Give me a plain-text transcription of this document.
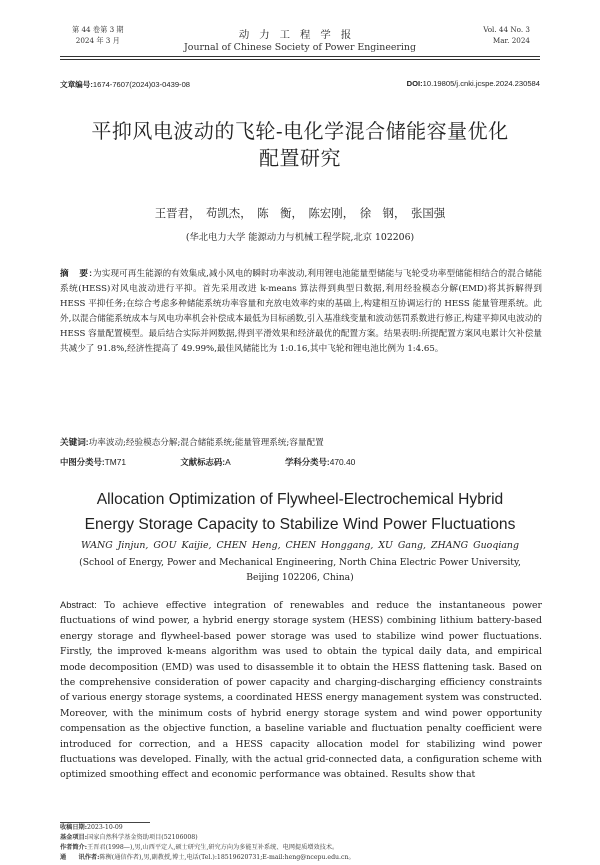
第 44 卷第 3 期
2024 年 3 月	动力工程学报
Journal of Chinese Society of Power Engineering
Vol. 44 No. 3
Mar. 2024
文章编号:1674-7607(2024)03-0439-08	DOI:10.19805/j.cnki.jcspe.2024.230584
平抑风电波动的飞轮-电化学混合储能容量优化
配置研究
王晋君，　苟凯杰，　陈　衡，　陈宏刚，　徐　钢，　张国强
(华北电力大学 能源动力与机械工程学院,北京 102206)
摘　要:为实现可再生能源的有效集成,减小风电的瞬时功率波动,利用锂电池能量型储能与飞轮受功率型储能相结合的混合储能系统(HESS)对风电波动进行平抑。首先采用改进 k-means 算法得到典型日数据,利用经验模态分解(EMD)将其拆解得到 HESS 平抑任务;在综合考虑多种储能系统功率容量和充放电效率约束的基础上,构建相互协调运行的 HESS 能量管理系统。此外,以混合储能系统成本与风电功率机会补偿成本最低为目标函数,引入基准线变量和波动惩罚系数进行修正,构建平抑风电波动的 HESS 容量配置模型。最后结合实际并网数据,得到平滑效果和经济最优的配置方案。结果表明:所提配置方案风电累计欠补偿量共减少了 91.8%,经济性提高了 49.99%,最佳风储能比为 1:0.16,其中飞轮和锂电池比例为 1:4.65。
关键词:功率波动;经验模态分解;混合储能系统;能量管理系统;容量配置
中图分类号:TM71	文献标志码:A	学科分类号:470.40
Allocation Optimization of Flywheel-Electrochemical Hybrid
Energy Storage Capacity to Stabilize Wind Power Fluctuations
WANG Jinjun, GOU Kaijie, CHEN Heng, CHEN Honggang, XU Gang, ZHANG Guoqiang
(School of Energy, Power and Mechanical Engineering, North China Electric Power University,
Beijing 102206, China)
Abstract: To achieve effective integration of renewables and reduce the instantaneous power fluctuations of wind power, a hybrid energy storage system (HESS) combining lithium battery-based energy storage and flywheel-based power storage was used to stabilize wind power fluctuations. Firstly, the improved k-means algorithm was used to obtain the typical daily data, and empirical mode decomposition (EMD) was used to disassemble it to obtain the HESS flattening task. Based on the comprehensive consideration of power capacity and charging-discharging efficiency constraints of various energy storage systems, a coordinated HESS energy management system was constructed. Moreover, with the minimum costs of hybrid energy storage system and wind power opportunity compensation as the objective function, a baseline variable and fluctuation penalty coefficient were introduced for correction, and a HESS capacity allocation model for stabilizing wind power fluctuations was developed. Finally, with the actual grid-connected data, a configuration scheme with optimized smoothing effect and economic performance was obtained. Results show that
收稿日期:2023-10-09
基金项目:国家自然科学基金资助项目(52106008)
作者简介:王晋君(1998—),男,山西平定人,硕士研究生,研究方向为多能互补系统、电网提质增效技术。
通　　讯作者:陈衡(通信作者),男,副教授,博士,电话(Tel.):18519620731;E-mail:heng@ncepu.edu.cn。
